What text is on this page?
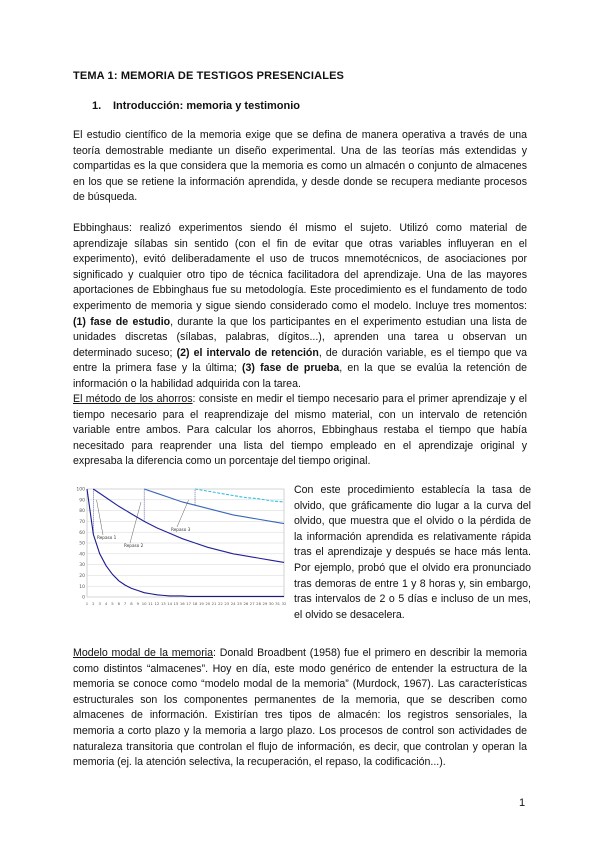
TEMA 1: MEMORIA DE TESTIGOS PRESENCIALES
1. Introducción: memoria y testimonio

El estudio científico de la memoria exige que se defina de manera operativa a través de una teoría demostrable mediante un diseño experimental. Una de las teorías más extendidas y compartidas es la que considera que la memoria es como un almacén o conjunto de almacenes en los que se retiene la información aprendida, y desde donde se recupera mediante procesos de búsqueda.

Ebbinghaus: realizó experimentos siendo él mismo el sujeto. Utilizó como material de aprendizaje sílabas sin sentido (con el fin de evitar que otras variables influyeran en el experimento), evitó deliberadamente el uso de trucos mnemotécnicos, de asociaciones por significado y cualquier otro tipo de técnica facilitadora del aprendizaje. Una de las mayores aportaciones de Ebbinghaus fue su metodología. Este procedimiento es el fundamento de todo experimento de memoria y sigue siendo considerado como el modelo. Incluye tres momentos: (1) fase de estudio, durante la que los participantes en el experimento estudian una lista de unidades discretas (sílabas, palabras, dígitos...), aprenden una tarea u observan un determinado suceso; (2) el intervalo de retención, de duración variable, es el tiempo que va entre la primera fase y la última; (3) fase de prueba, en la que se evalúa la retención de información o la habilidad adquirida con la tarea.

El método de los ahorros: consiste en medir el tiempo necesario para el primer aprendizaje y el tiempo necesario para el reaprendizaje del mismo material, con un intervalo de retención variable entre ambos. Para calcular los ahorros, Ebbinghaus restaba el tiempo que había necesitado para reaprender una lista del tiempo empleado en el aprendizaje original y expresaba la diferencia como un porcentaje del tiempo original.

0
10
20
30
40
50
60
70
80
90
100
1 2 3 4 5 6 7 8 9 10 11 12 13 14 15 16 17 18 19 20 21 22 23 24 25 26 27 28 29 30 31 32
Repaso 1
Repaso 2
Repaso 3

Con este procedimiento establecía la tasa de olvido, que gráficamente dio lugar a la curva del olvido, que muestra que el olvido o la pérdida de la información aprendida es relativamente rápida tras el aprendizaje y después se hace más lenta. Por ejemplo, probó que el olvido era pronunciado tras demoras de entre 1 y 8 horas y, sin embargo, tras intervalos de 2 o 5 días e incluso de un mes, el olvido se desacelera.

Modelo modal de la memoria: Donald Broadbent (1958) fue el primero en describir la memoria como distintos “almacenes”. Hoy en día, este modo genérico de entender la estructura de la memoria se conoce como “modelo modal de la memoria” (Murdock, 1967). Las características estructurales son los componentes permanentes de la memoria, que se describen como almacenes de información. Existirían tres tipos de almacén: los registros sensoriales, la memoria a corto plazo y la memoria a largo plazo. Los procesos de control son actividades de naturaleza transitoria que controlan el flujo de información, es decir, que controlan y operan la memoria (ej. la atención selectiva, la recuperación, el repaso, la codificación...).

1
